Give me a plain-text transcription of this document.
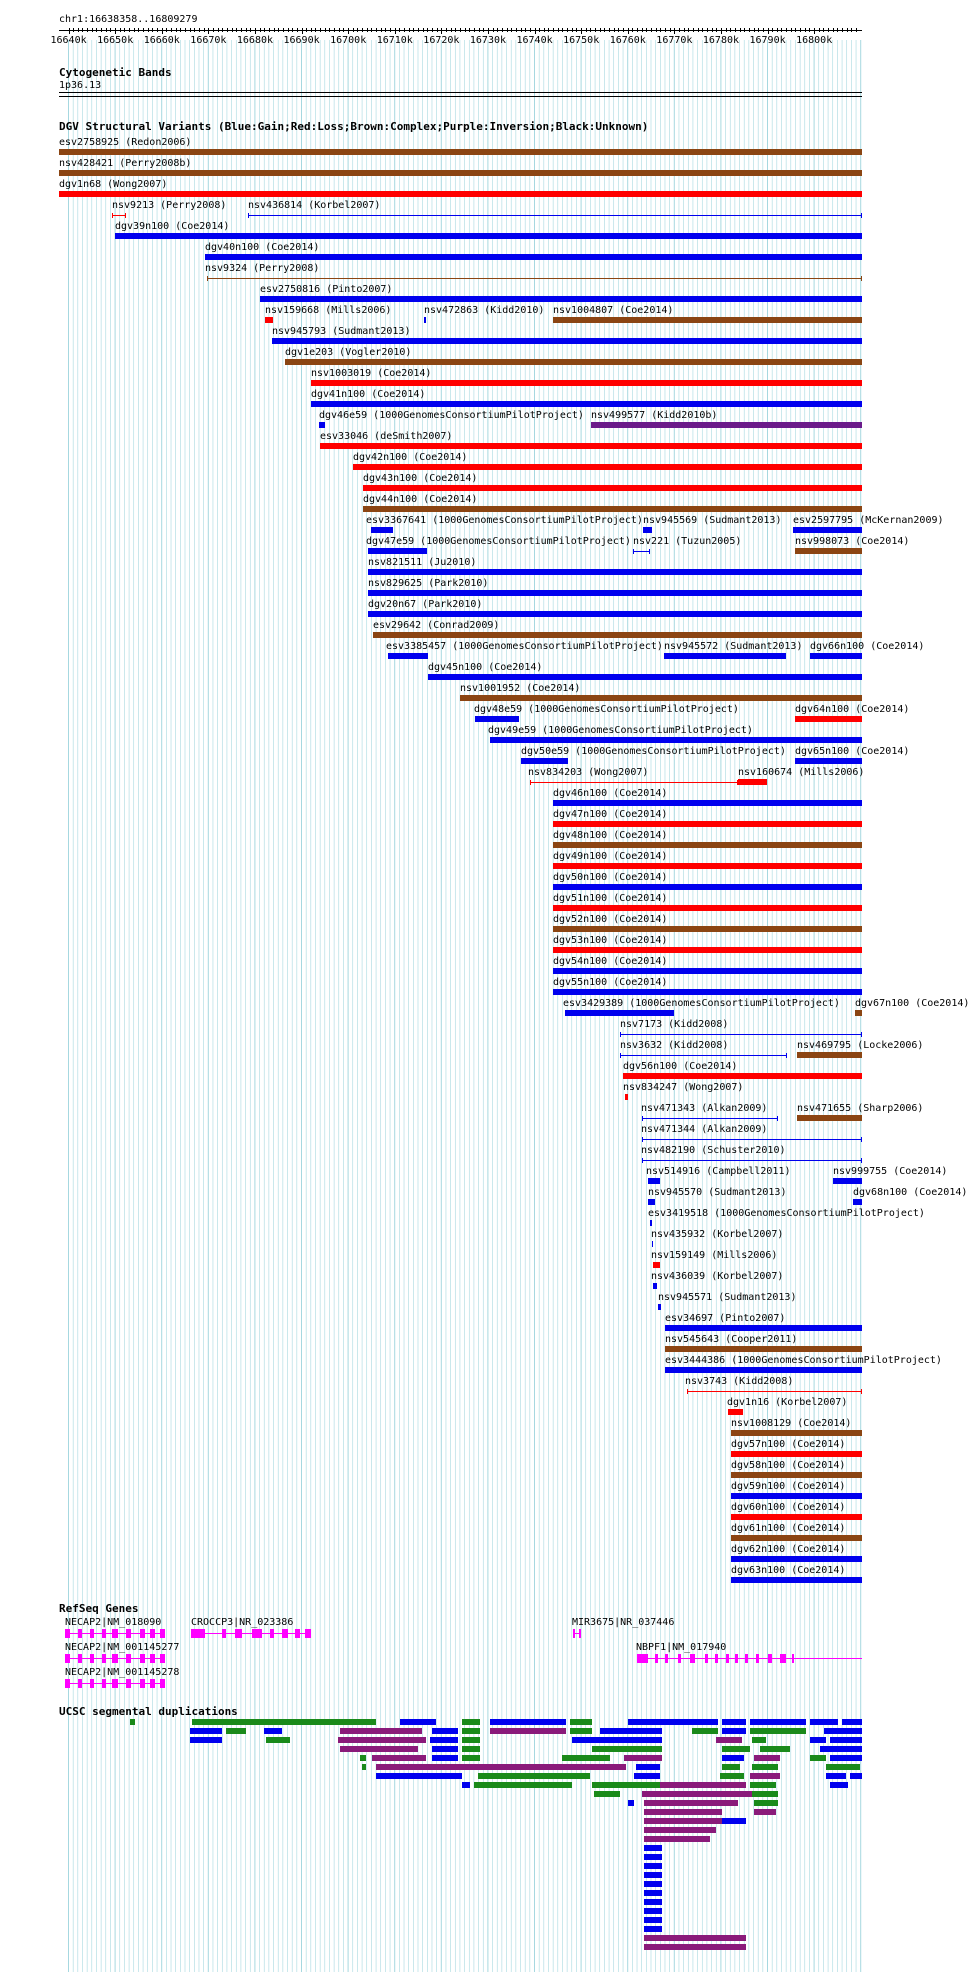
chr1:16638358..16809279
16640k 16650k 16660k 16670k 16680k 16690k 16700k 16710k 16720k 16730k 16740k 16750k 16760k 16770k 16780k 16790k 16800k
Cytogenetic Bands
1p36.13
DGV Structural Variants (Blue:Gain;Red:Loss;Brown:Complex;Purple:Inversion;Black:Unknown)
esv2758925 (Redon2006)
nsv428421 (Perry2008b)
dgv1n68 (Wong2007)
nsv9213 (Perry2008) nsv436814 (Korbel2007)
dgv39n100 (Coe2014)
dgv40n100 (Coe2014)
nsv9324 (Perry2008)
esv2750816 (Pinto2007)
nsv159668 (Mills2006)	nsv472863 (Kidd2010) nsv1004807 (Coe2014)
nsv945793 (Sudmant2013)
dgv1e203 (Vogler2010)
nsv1003019 (Coe2014)
dgv41n100 (Coe2014)
dgv46e59 (1000GenomesConsortiumPilotProject) nsv499577 (Kidd2010b)
esv33046 (deSmith2007)
dgv42n100 (Coe2014)
dgv43n100 (Coe2014)
dgv44n100 (Coe2014)
esv3367641 (1000GenomesConsortiumPilotProject) nsv945569 (Sudmant2013) esv2597795 (McKernan2009)
dgv47e59 (1000GenomesConsortiumPilotProject) nsv221 (Tuzun2005)	nsv998073 (Coe2014)
nsv821511 (Ju2010)
nsv829625 (Park2010)
dgv20n67 (Park2010)
esv29642 (Conrad2009)
esv3385457 (1000GenomesConsortiumPilotProject) nsv945572 (Sudmant2013) dgv66n100 (Coe2014)
dgv45n100 (Coe2014)
nsv1001952 (Coe2014)
dgv48e59 (1000GenomesConsortiumPilotProject)	dgv64n100 (Coe2014)
dgv49e59 (1000GenomesConsortiumPilotProject)
dgv50e59 (1000GenomesConsortiumPilotProject) dgv65n100 (Coe2014)
nsv834203 (Wong2007)	nsv160674 (Mills2006)
dgv46n100 (Coe2014)
dgv47n100 (Coe2014)
dgv48n100 (Coe2014)
dgv49n100 (Coe2014)
dgv50n100 (Coe2014)
dgv51n100 (Coe2014)
dgv52n100 (Coe2014)
dgv53n100 (Coe2014)
dgv54n100 (Coe2014)
dgv55n100 (Coe2014)
esv3429389 (1000GenomesConsortiumPilotProject) dgv67n100 (Coe2014)
nsv7173 (Kidd2008)
nsv3632 (Kidd2008)	nsv469795 (Locke2006)
dgv56n100 (Coe2014)
nsv834247 (Wong2007)
nsv471343 (Alkan2009)	nsv471655 (Sharp2006)
nsv471344 (Alkan2009)
nsv482190 (Schuster2010)
nsv514916 (Campbell2011)	nsv999755 (Coe2014)
nsv945570 (Sudmant2013)	dgv68n100 (Coe2014)
esv3419518 (1000GenomesConsortiumPilotProject)
nsv435932 (Korbel2007)
nsv159149 (Mills2006)
nsv436039 (Korbel2007)
nsv945571 (Sudmant2013)
esv34697 (Pinto2007)
nsv545643 (Cooper2011)
esv3444386 (1000GenomesConsortiumPilotProject)
nsv3743 (Kidd2008)
dgv1n16 (Korbel2007)
nsv1008129 (Coe2014)
dgv57n100 (Coe2014)
dgv58n100 (Coe2014)
dgv59n100 (Coe2014)
dgv60n100 (Coe2014)
dgv61n100 (Coe2014)
dgv62n100 (Coe2014)
dgv63n100 (Coe2014)
RefSeq Genes
NECAP2|NM_018090	CROCCP3|NR_023386	MIR3675|NR_037446
NECAP2|NM_001145277	NBPF1|NM_017940
NECAP2|NM_001145278
UCSC segmental duplications
